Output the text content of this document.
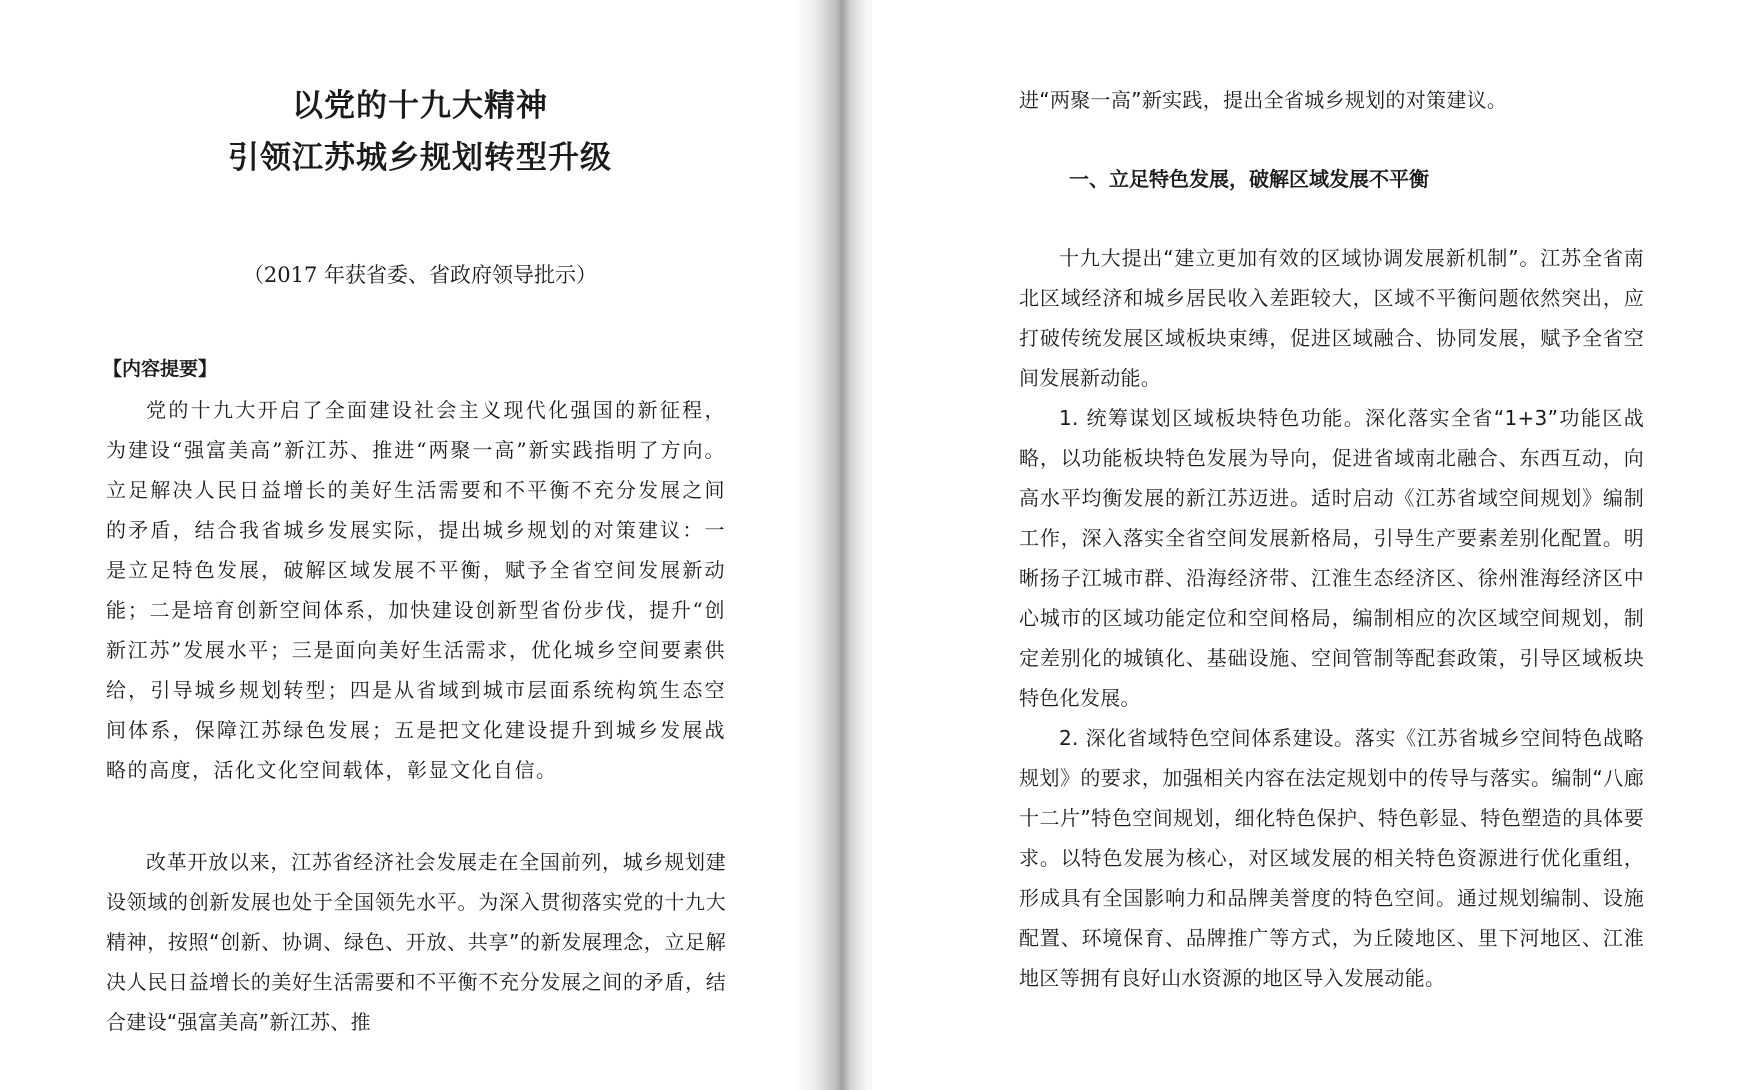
以党的十九大精神
引领江苏城乡规划转型升级
（2017 年获省委、省政府领导批示）
【内容提要】

党的十九大开启了全面建设社会主义现代化强国的新征程，为建设“强富美高”新江苏、推进“两聚一高”新实践指明了方向。立足解决人民日益增长的美好生活需要和不平衡不充分发展之间的矛盾，结合我省城乡发展实际，提出城乡规划的对策建议：一是立足特色发展，破解区域发展不平衡，赋予全省空间发展新动能；二是培育创新空间体系，加快建设创新型省份步伐，提升“创新江苏”发展水平；三是面向美好生活需求，优化城乡空间要素供给，引导城乡规划转型；四是从省域到城市层面系统构筑生态空间体系，保障江苏绿色发展；五是把文化建设提升到城乡发展战略的高度，活化文化空间载体，彰显文化自信。

改革开放以来，江苏省经济社会发展走在全国前列，城乡规划建设领域的创新发展也处于全国领先水平。为深入贯彻落实党的十九大精神，按照“创新、协调、绿色、开放、共享”的新发展理念，立足解决人民日益增长的美好生活需要和不平衡不充分发展之间的矛盾，结合建设“强富美高”新江苏、推

进“两聚一高”新实践，提出全省城乡规划的对策建议。

一、立足特色发展，破解区域发展不平衡

十九大提出“建立更加有效的区域协调发展新机制”。江苏全省南北区域经济和城乡居民收入差距较大，区域不平衡问题依然突出，应打破传统发展区域板块束缚，促进区域融合、协同发展，赋予全省空间发展新动能。

1. 统筹谋划区域板块特色功能。深化落实全省“1+3”功能区战略，以功能板块特色发展为导向，促进省域南北融合、东西互动，向高水平均衡发展的新江苏迈进。适时启动《江苏省域空间规划》编制工作，深入落实全省空间发展新格局，引导生产要素差别化配置。明晰扬子江城市群、沿海经济带、江淮生态经济区、徐州淮海经济区中心城市的区域功能定位和空间格局，编制相应的次区域空间规划，制定差别化的城镇化、基础设施、空间管制等配套政策，引导区域板块特色化发展。

2. 深化省域特色空间体系建设。落实《江苏省城乡空间特色战略规划》的要求，加强相关内容在法定规划中的传导与落实。编制“八廊十二片”特色空间规划，细化特色保护、特色彰显、特色塑造的具体要求。以特色发展为核心，对区域发展的相关特色资源进行优化重组，形成具有全国影响力和品牌美誉度的特色空间。通过规划编制、设施配置、环境保育、品牌推广等方式，为丘陵地区、里下河地区、江淮地区等拥有良好山水资源的地区导入发展动能。
